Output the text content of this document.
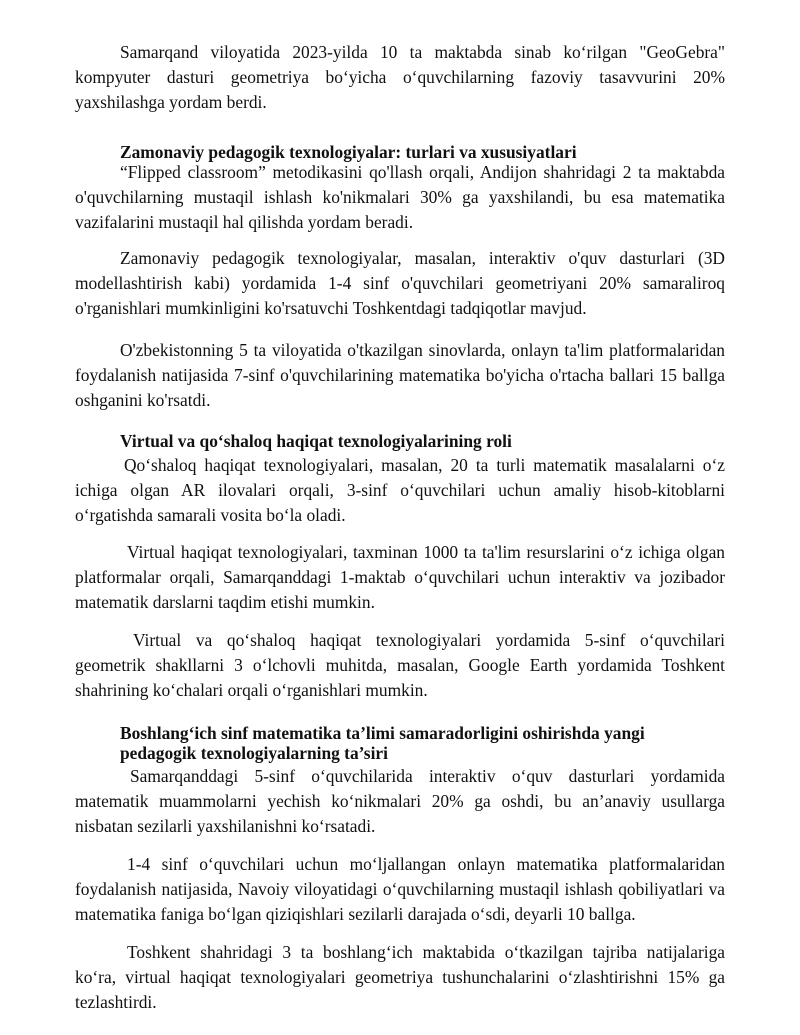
Samarqand viloyatida 2023-yilda 10 ta maktabda sinab ko‘rilgan "GeoGebra" kompyuter dasturi geometriya bo‘yicha o‘quvchilarning fazoviy tasavvurini 20% yaxshilashga yordam berdi.

Zamonaviy pedagogik texnologiyalar: turlari va xususiyatlari

“Flipped classroom” metodikasini qo'llash orqali, Andijon shahridagi 2 ta maktabda o'quvchilarning mustaqil ishlash ko'nikmalari 30% ga yaxshilandi, bu esa matematika vazifalarini mustaqil hal qilishda yordam beradi.

Zamonaviy pedagogik texnologiyalar, masalan, interaktiv o'quv dasturlari (3D modellashtirish kabi) yordamida 1-4 sinf o'quvchilari geometriyani 20% samaraliroq o'rganishlari mumkinligini ko'rsatuvchi Toshkentdagi tadqiqotlar mavjud.

O'zbekistonning 5 ta viloyatida o'tkazilgan sinovlarda, onlayn ta'lim platformalaridan foydalanish natijasida 7-sinf o'quvchilarining matematika bo'yicha o'rtacha ballari 15 ballga oshganini ko'rsatdi.

Virtual va qo‘shaloq haqiqat texnologiyalarining roli

Qo‘shaloq haqiqat texnologiyalari, masalan, 20 ta turli matematik masalalarni o‘z ichiga olgan AR ilovalari orqali, 3-sinf o‘quvchilari uchun amaliy hisob-kitoblarni o‘rgatishda samarali vosita bo‘la oladi.

Virtual haqiqat texnologiyalari, taxminan 1000 ta ta'lim resurslarini o‘z ichiga olgan platformalar orqali, Samarqanddagi 1-maktab o‘quvchilari uchun interaktiv va jozibador matematik darslarni taqdim etishi mumkin.

Virtual va qo‘shaloq haqiqat texnologiyalari yordamida 5-sinf o‘quvchilari geometrik shakllarni 3 o‘lchovli muhitda, masalan, Google Earth yordamida Toshkent shahrining ko‘chalari orqali o‘rganishlari mumkin.

Boshlang‘ich sinf matematika ta’limi samaradorligini oshirishda yangi

pedagogik texnologiyalarning ta’siri

Samarqanddagi 5-sinf o‘quvchilarida interaktiv o‘quv dasturlari yordamida matematik muammolarni yechish ko‘nikmalari 20% ga oshdi, bu an’anaviy usullarga nisbatan sezilarli yaxshilanishni ko‘rsatadi.

1-4 sinf o‘quvchilari uchun mo‘ljallangan onlayn matematika platformalaridan foydalanish natijasida, Navoiy viloyatidagi o‘quvchilarning mustaqil ishlash qobiliyatlari va matematika faniga bo‘lgan qiziqishlari sezilarli darajada o‘sdi, deyarli 10 ballga.

Toshkent shahridagi 3 ta boshlang‘ich maktabida o‘tkazilgan tajriba natijalariga ko‘ra, virtual haqiqat texnologiyalari geometriya tushunchalarini o‘zlashtirishni 15% ga tezlashtirdi.
